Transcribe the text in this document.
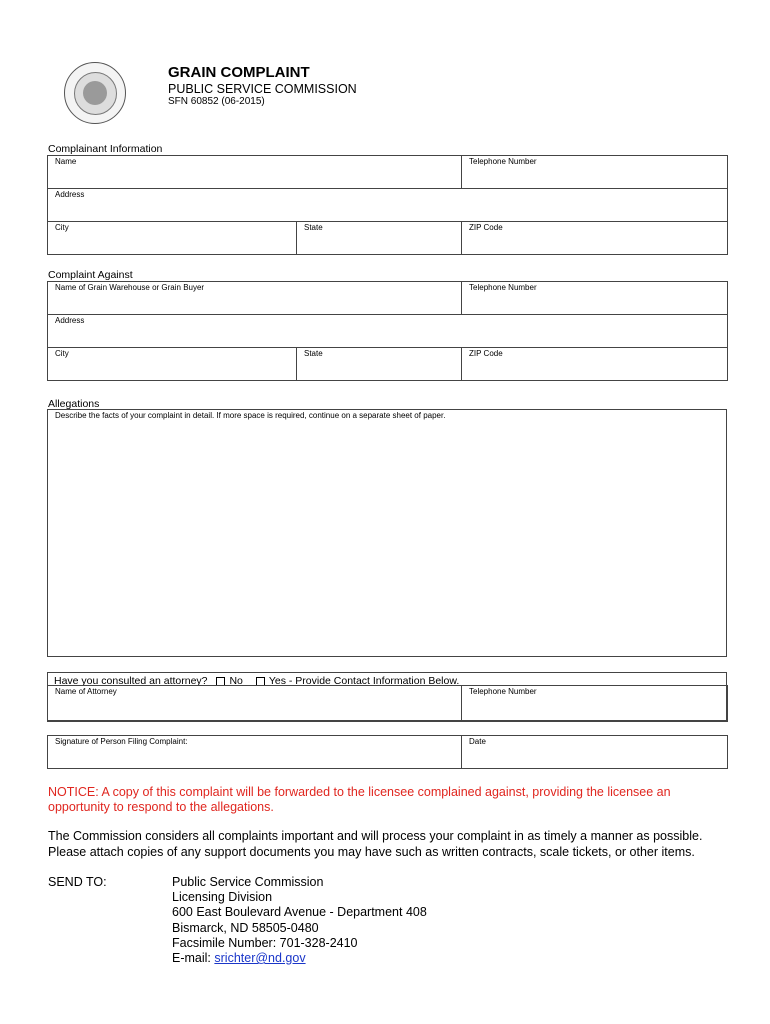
GRAIN COMPLAINT
PUBLIC SERVICE COMMISSION
SFN 60852 (06-2015)
Complainant Information
Name		Telephone Number

Address		

City	State	ZIP Code
Complaint Against
Name of Grain Warehouse or Grain Buyer		Telephone Number

Address		

City	State	ZIP Code
Allegations
Describe the facts of your complaint in detail. If more space is required, continue on a separate sheet of paper.
Have you consulted an attorney? No Yes - Provide Contact Information Below.
Name of Attorney	Telephone Number
Signature of Person Filing Complaint:	Date
NOTICE: A copy of this complaint will be forwarded to the licensee complained against, providing the licensee an opportunity to respond to the allegations.
The Commission considers all complaints important and will process your complaint in as timely a manner as possible. Please attach copies of any support documents you may have such as written contracts, scale tickets, or other items.
SEND TO:	Public Service Commission
Licensing Division
600 East Boulevard Avenue - Department 408
Bismarck, ND 58505-0480
Facsimile Number: 701-328-2410
E-mail: srichter@nd.gov
